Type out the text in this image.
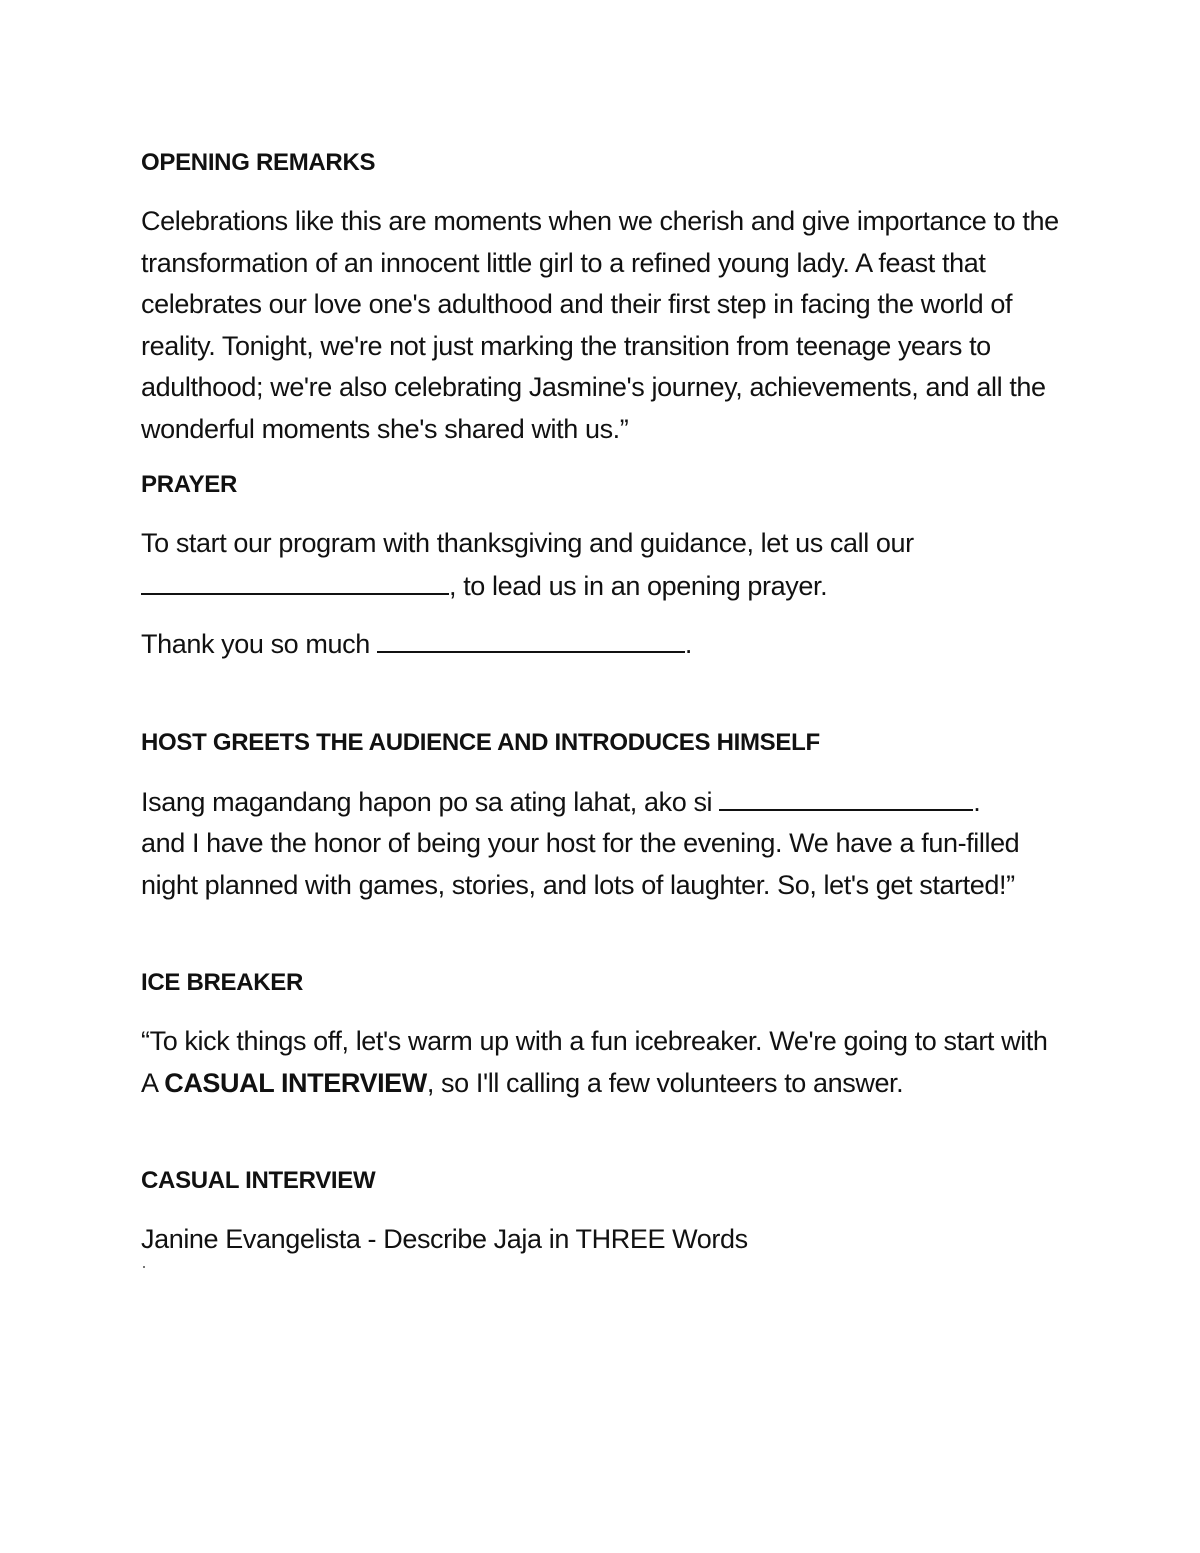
OPENING REMARKS

Celebrations like this are moments when we cherish and give importance to the transformation of an innocent little girl to a refined young lady. A feast that celebrates our love one's adulthood and their first step in facing the world of reality. Tonight, we're not just marking the transition from teenage years to adulthood; we're also celebrating Jasmine's journey, achievements, and all the wonderful moments she's shared with us.”

PRAYER

To start our program with thanksgiving and guidance, let us call our
, to lead us in an opening prayer.

Thank you so much	.

HOST GREETS THE AUDIENCE AND INTRODUCES HIMSELF

Isang magandang hapon po sa ating lahat, ako si	.
and I have the honor of being your host for the evening. We have a fun-filled night planned with games, stories, and lots of laughter. So, let's get started!”

ICE BREAKER

“To kick things off, let's warm up with a fun icebreaker. We're going to start with A CASUAL INTERVIEW, so I'll calling a few volunteers to answer.

CASUAL INTERVIEW

Janine Evangelista - Describe Jaja in THREE Words
